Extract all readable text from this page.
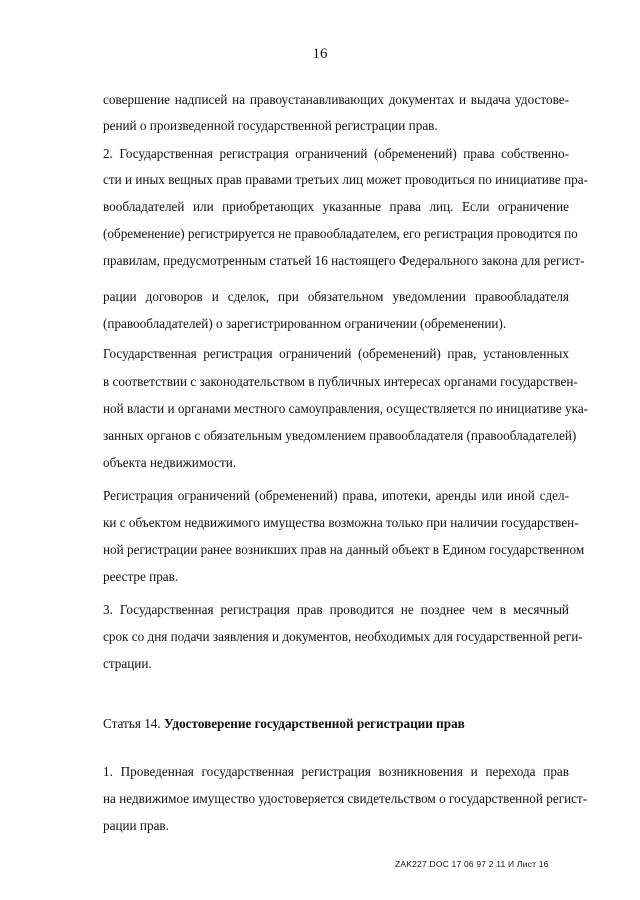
16
совершение надписей на правоустанавливающих документах и выдача удостове-
рений о произведенной государственной регистрации прав.
2. Государственная регистрация ограничений (обременений) права собственно-
сти и иных вещных прав правами третьих лиц может проводиться по инициативе пра-
вообладателей или приобретающих указанные права лиц. Если ограничение
(обременение) регистрируется не правообладателем, его регистрация проводится по
правилам, предусмотренным статьей 16 настоящего Федерального закона для регист-
рации договоров и сделок, при обязательном уведомлении правообладателя
(правообладателей) о зарегистрированном ограничении (обременении).
Государственная регистрация ограничений (обременений) прав, установленных
в соответствии с законодательством в публичных интересах органами государствен-
ной власти и органами местного самоуправления, осуществляется по инициативе ука-
занных органов с обязательным уведомлением правообладателя (правообладателей)
объекта недвижимости.
Регистрация ограничений (обременений) права, ипотеки, аренды или иной сдел-
ки с объектом недвижимого имущества возможна только при наличии государствен-
ной регистрации ранее возникших прав на данный объект в Едином государственном
реестре прав.
3. Государственная регистрация прав проводится не позднее чем в месячный
срок со дня подачи заявления и документов, необходимых для государственной реги-
страции.
Статья 14. Удостоверение государственной регистрации прав
1. Проведенная государственная регистрация возникновения и перехода прав
на недвижимое имущество удостоверяется свидетельством о государственной регист-
рации прав.
ZAK227.DOC 17 06 97 2 11 И Лист 16
